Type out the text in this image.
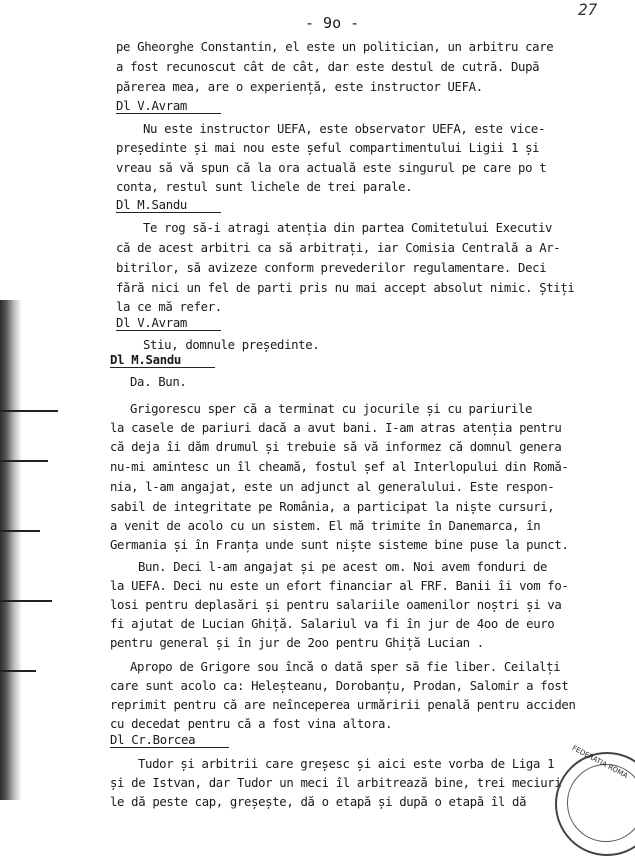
- 9o -
27
pe Gheorghe Constantin, el este un politician, un arbitru care
a fost recunoscut cât de cât, dar este destul de cutră. După
părerea mea, are o experiență, este instructor UEFA.
Dl V.Avram
Nu este instructor UEFA, este observator UEFA, este vice-
președinte și mai nou este șeful compartimentului Ligii 1 și
vreau să vă spun că la ora actuală este singurul pe care po t
conta, restul sunt lichele de trei parale.
Dl M.Sandu
Te rog să-i atragi atenția din partea Comitetului Executiv
că de acest arbitri ca să arbitrați, iar Comisia Centrală a Ar-
bitrilor, să avizeze conform prevederilor regulamentare. Deci
fără nici un fel de parti pris nu mai accept absolut nimic. Știți
la ce mă refer.
Dl V.Avram
Stiu, domnule președinte.
Dl M.Sandu
Da. Bun.
Grigorescu sper că a terminat cu jocurile și cu pariurile
la casele de pariuri dacă a avut bani. I-am atras atenția pentru
că deja îi dăm drumul și trebuie să vă informez că domnul genera
nu-mi amintesc un îl cheamă, fostul șef al Interlopului din Romă-
nia, l-am angajat, este un adjunct al generalului. Este respon-
sabil de integritate pe România, a participat la niște cursuri,
a venit de acolo cu un sistem. El mă trimite în Danemarca, în
Germania și în Franța unde sunt niște sisteme bine puse la punct.
Bun. Deci l-am angajat și pe acest om. Noi avem fonduri de
la UEFA. Deci nu este un efort financiar al FRF. Banii îi vom fo-
losi pentru deplasări și pentru salariile oamenilor noștri și va
fi ajutat de Lucian Ghiță. Salariul va fi în jur de 4oo de euro
pentru general și în jur de 2oo pentru Ghiță Lucian .
Apropo de Grigore sou încă o dată sper să fie liber. Ceilalți
care sunt acolo ca: Heleșteanu, Dorobanțu, Prodan, Salomir a fost
reprimit pentru că are neînceperea urmăririi penală pentru acciden
cu decedat pentru că a fost vina altora.
Dl Cr.Borcea
Tudor și arbitrii care greșesc și aici este vorba de Liga 1
și de Istvan, dar Tudor un meci îl arbitrează bine, trei meciuri
le dă peste cap, greșește, dă o etapă și după o etapă îl dă
FEDERATIA ROMA
